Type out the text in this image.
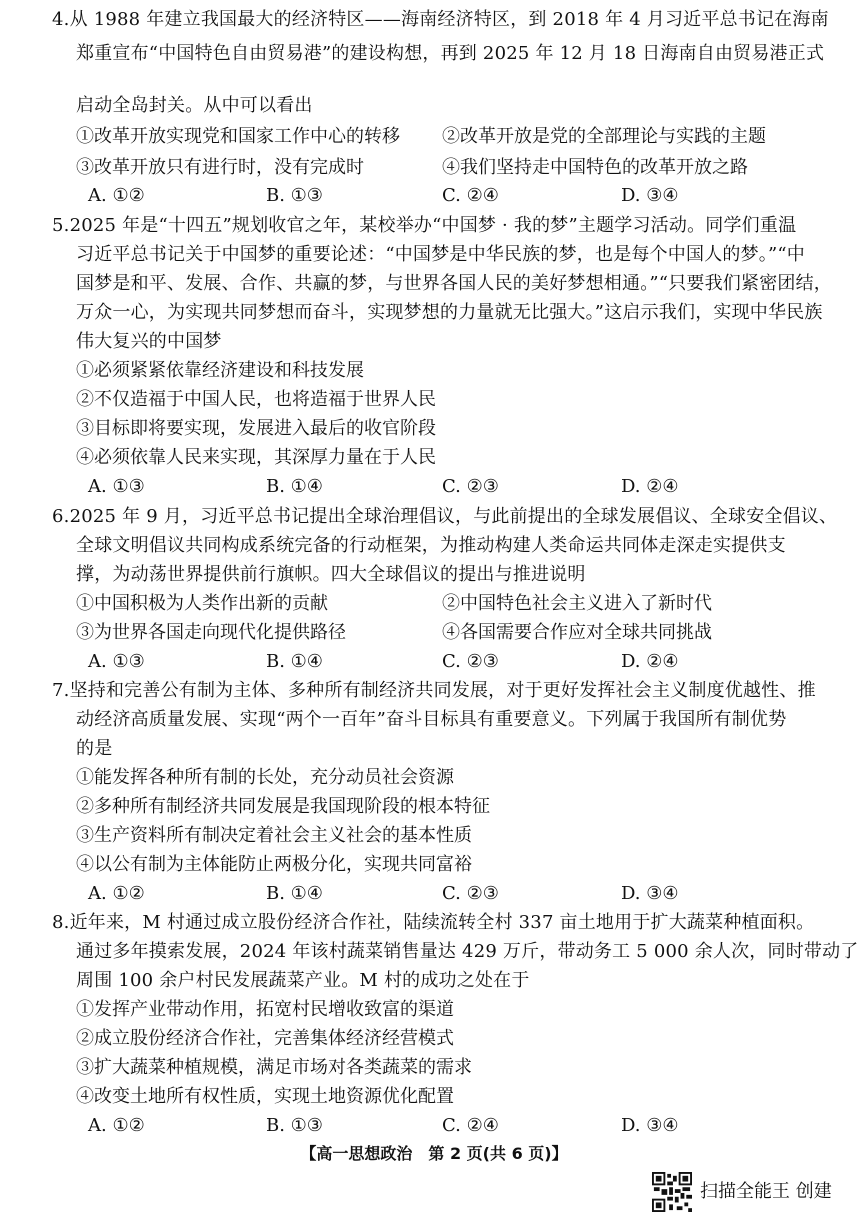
4.从 1988 年建立我国最大的经济特区——海南经济特区，到 2018 年 4 月习近平总书记在海南
郑重宣布“中国特色自由贸易港”的建设构想，再到 2025 年 12 月 18 日海南自由贸易港正式
启动全岛封关。从中可以看出
①改革开放实现党和国家工作中心的转移 ②改革开放是党的全部理论与实践的主题
③改革开放只有进行时，没有完成时	④我们坚持走中国特色的改革开放之路
A. ①②	B. ①③	C. ②④	D. ③④
5.2025 年是“十四五”规划收官之年，某校举办“中国梦 · 我的梦”主题学习活动。同学们重温
习近平总书记关于中国梦的重要论述：“中国梦是中华民族的梦，也是每个中国人的梦。”“中
国梦是和平、发展、合作、共赢的梦，与世界各国人民的美好梦想相通。”“只要我们紧密团结，
万众一心，为实现共同梦想而奋斗，实现梦想的力量就无比强大。”这启示我们，实现中华民族
伟大复兴的中国梦
①必须紧紧依靠经济建设和科技发展
②不仅造福于中国人民，也将造福于世界人民
③目标即将要实现，发展进入最后的收官阶段
④必须依靠人民来实现，其深厚力量在于人民
A. ①③	B. ①④	C. ②③	D. ②④
6.2025 年 9 月，习近平总书记提出全球治理倡议，与此前提出的全球发展倡议、全球安全倡议、
全球文明倡议共同构成系统完备的行动框架，为推动构建人类命运共同体走深走实提供支
撑，为动荡世界提供前行旗帜。四大全球倡议的提出与推进说明
①中国积极为人类作出新的贡献	②中国特色社会主义进入了新时代
③为世界各国走向现代化提供路径	④各国需要合作应对全球共同挑战
A. ①③	B. ①④	C. ②③	D. ②④
7.坚持和完善公有制为主体、多种所有制经济共同发展，对于更好发挥社会主义制度优越性、推
动经济高质量发展、实现“两个一百年”奋斗目标具有重要意义。下列属于我国所有制优势
的是
①能发挥各种所有制的长处，充分动员社会资源
②多种所有制经济共同发展是我国现阶段的根本特征
③生产资料所有制决定着社会主义社会的基本性质
④以公有制为主体能防止两极分化，实现共同富裕
A. ①②	B. ①④	C. ②③	D. ③④
8.近年来，M 村通过成立股份经济合作社，陆续流转全村 337 亩土地用于扩大蔬菜种植面积。
通过多年摸索发展，2024 年该村蔬菜销售量达 429 万斤，带动务工 5 000 余人次，同时带动了
周围 100 余户村民发展蔬菜产业。M 村的成功之处在于
①发挥产业带动作用，拓宽村民增收致富的渠道
②成立股份经济合作社，完善集体经济经营模式
③扩大蔬菜种植规模，满足市场对各类蔬菜的需求
④改变土地所有权性质，实现土地资源优化配置
A. ①②	B. ①③	C. ②④	D. ③④
【高一思想政治　第 2 页(共 6 页)】
扫描全能王 创建
